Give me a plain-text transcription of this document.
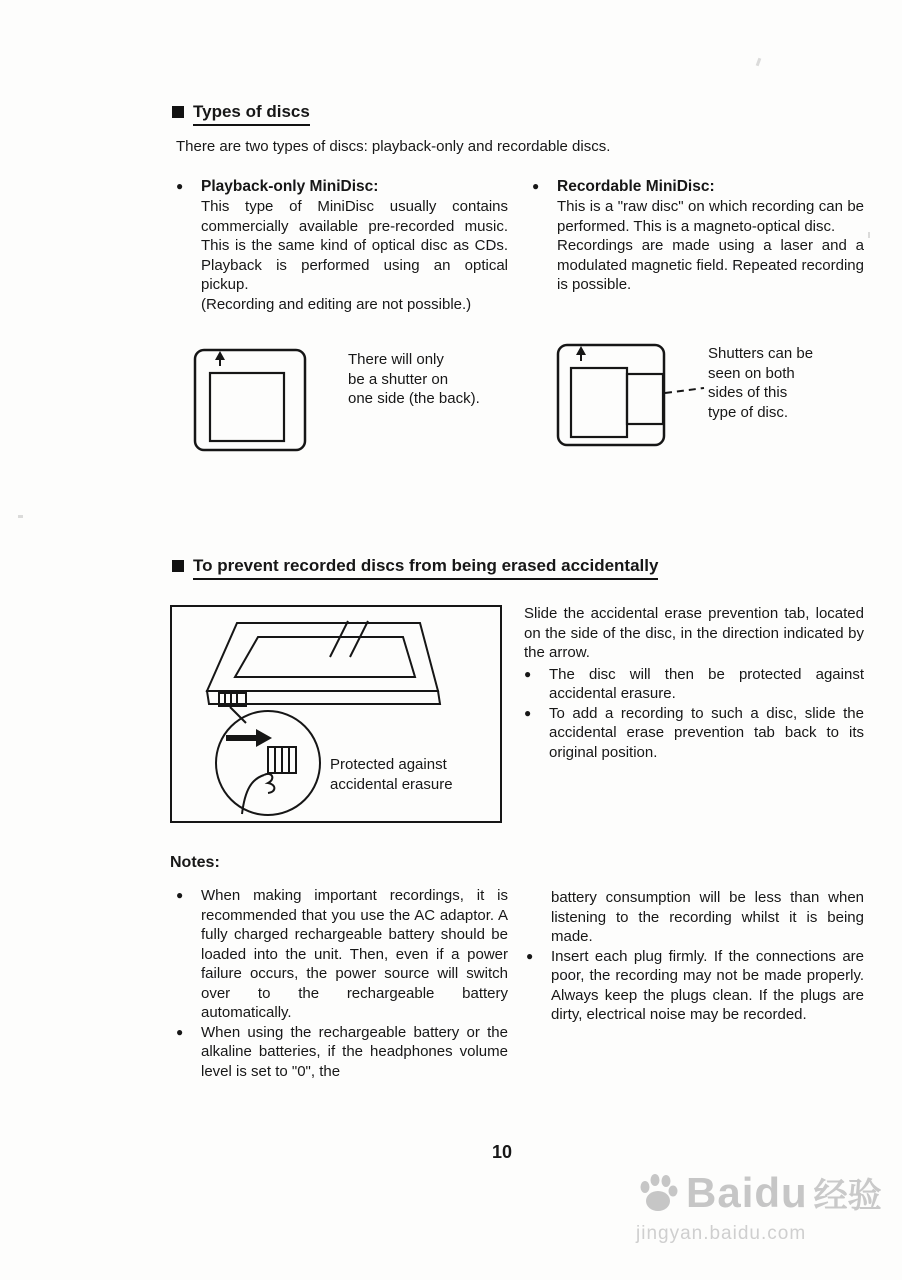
Types of discs
There are two types of discs: playback-only and recordable discs.
●	Playback-only MiniDisc:
This type of MiniDisc usually contains commercially available pre-recorded music. This is the same kind of optical disc as CDs. Playback is performed using an optical pickup.
(Recording and editing are not possible.)
●	Recordable MiniDisc:
This is a "raw disc" on which recording can be performed. This is a magneto-optical disc.
Recordings are made using a laser and a modulated magnetic field. Repeated recording is possible.
There will only
be a shutter on
one side (the back).
Shutters can be
seen on both
sides of this
type of disc.
To prevent recorded discs from being erased accidentally
Protected against
accidental erasure
Slide the accidental erase prevention tab, located on the side of the disc, in the direction indicated by the arrow.
●	The disc will then be protected against accidental erasure.
●	To add a recording to such a disc, slide the accidental erase prevention tab back to its original position.
Notes:
●	When making important recordings, it is recommended that you use the AC adaptor. A fully charged rechargeable battery should be loaded into the unit. Then, even if a power failure occurs, the power source will switch over to the rechargeable battery automatically.
●	When using the rechargeable battery or the alkaline batteries, if the headphones volume level is set to "0", the
battery consumption will be less than when listening to the recording whilst it is being made.
●	Insert each plug firmly. If the connections are poor, the recording may not be made properly. Always keep the plugs clean. If the plugs are dirty, electrical noise may be recorded.
10
Baidu 经验
jingyan.baidu.com
